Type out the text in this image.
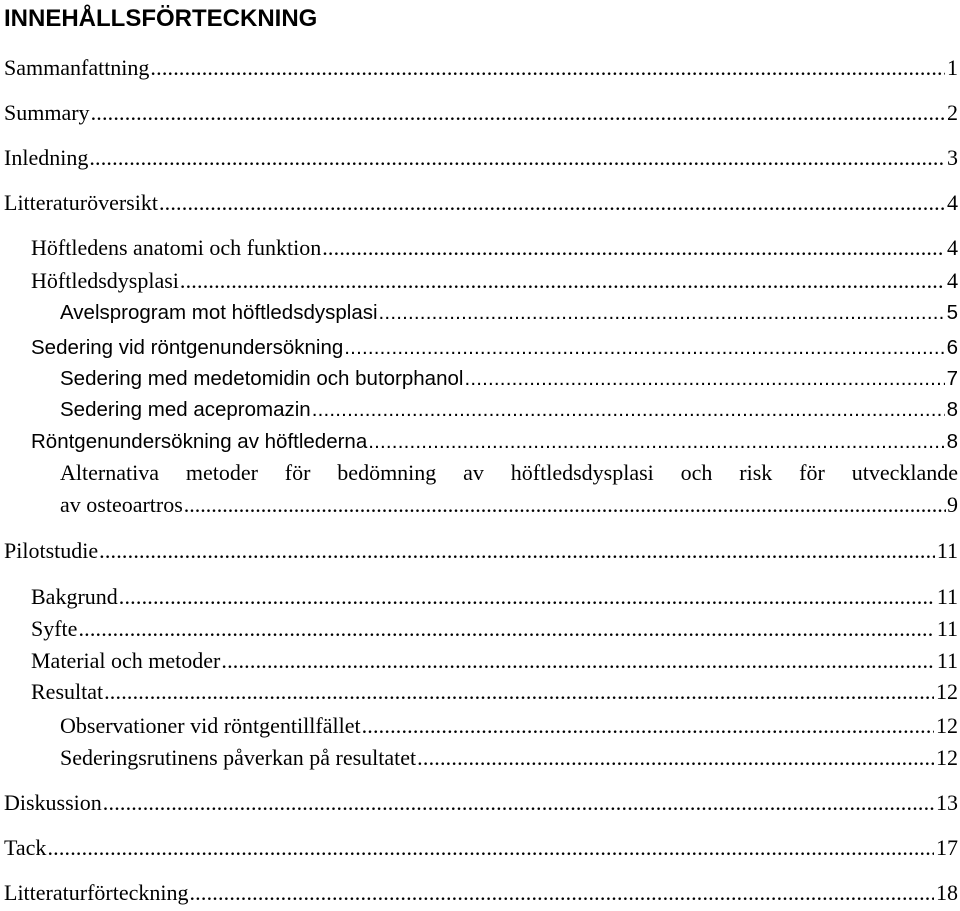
INNEHÅLLSFÖRTECKNING
Sammanfattning .....	1
Summary .....	2
Inledning .....	3
Litteraturöversikt .....	4
Höftledens anatomi och funktion .....	4
Höftledsdysplasi .....	4
Avelsprogram mot höftledsdysplasi .....	5
Sedering vid röntgenundersökning .....	6
Sedering med medetomidin och butorphanol .....	7
Sedering med acepromazin .....	8
Röntgenundersökning av höftlederna .....	8
Alternativa metoder för bedömning av höftledsdysplasi och risk för utvecklande
av osteoartros .....	9
Pilotstudie .....	11
Bakgrund .....	11
Syfte .....	11
Material och metoder .....	11
Resultat .....	12
Observationer vid röntgentillfället .....	12
Sederingsrutinens påverkan på resultatet .....	12
Diskussion .....	13
Tack .....	17
Litteraturförteckning .....	18
